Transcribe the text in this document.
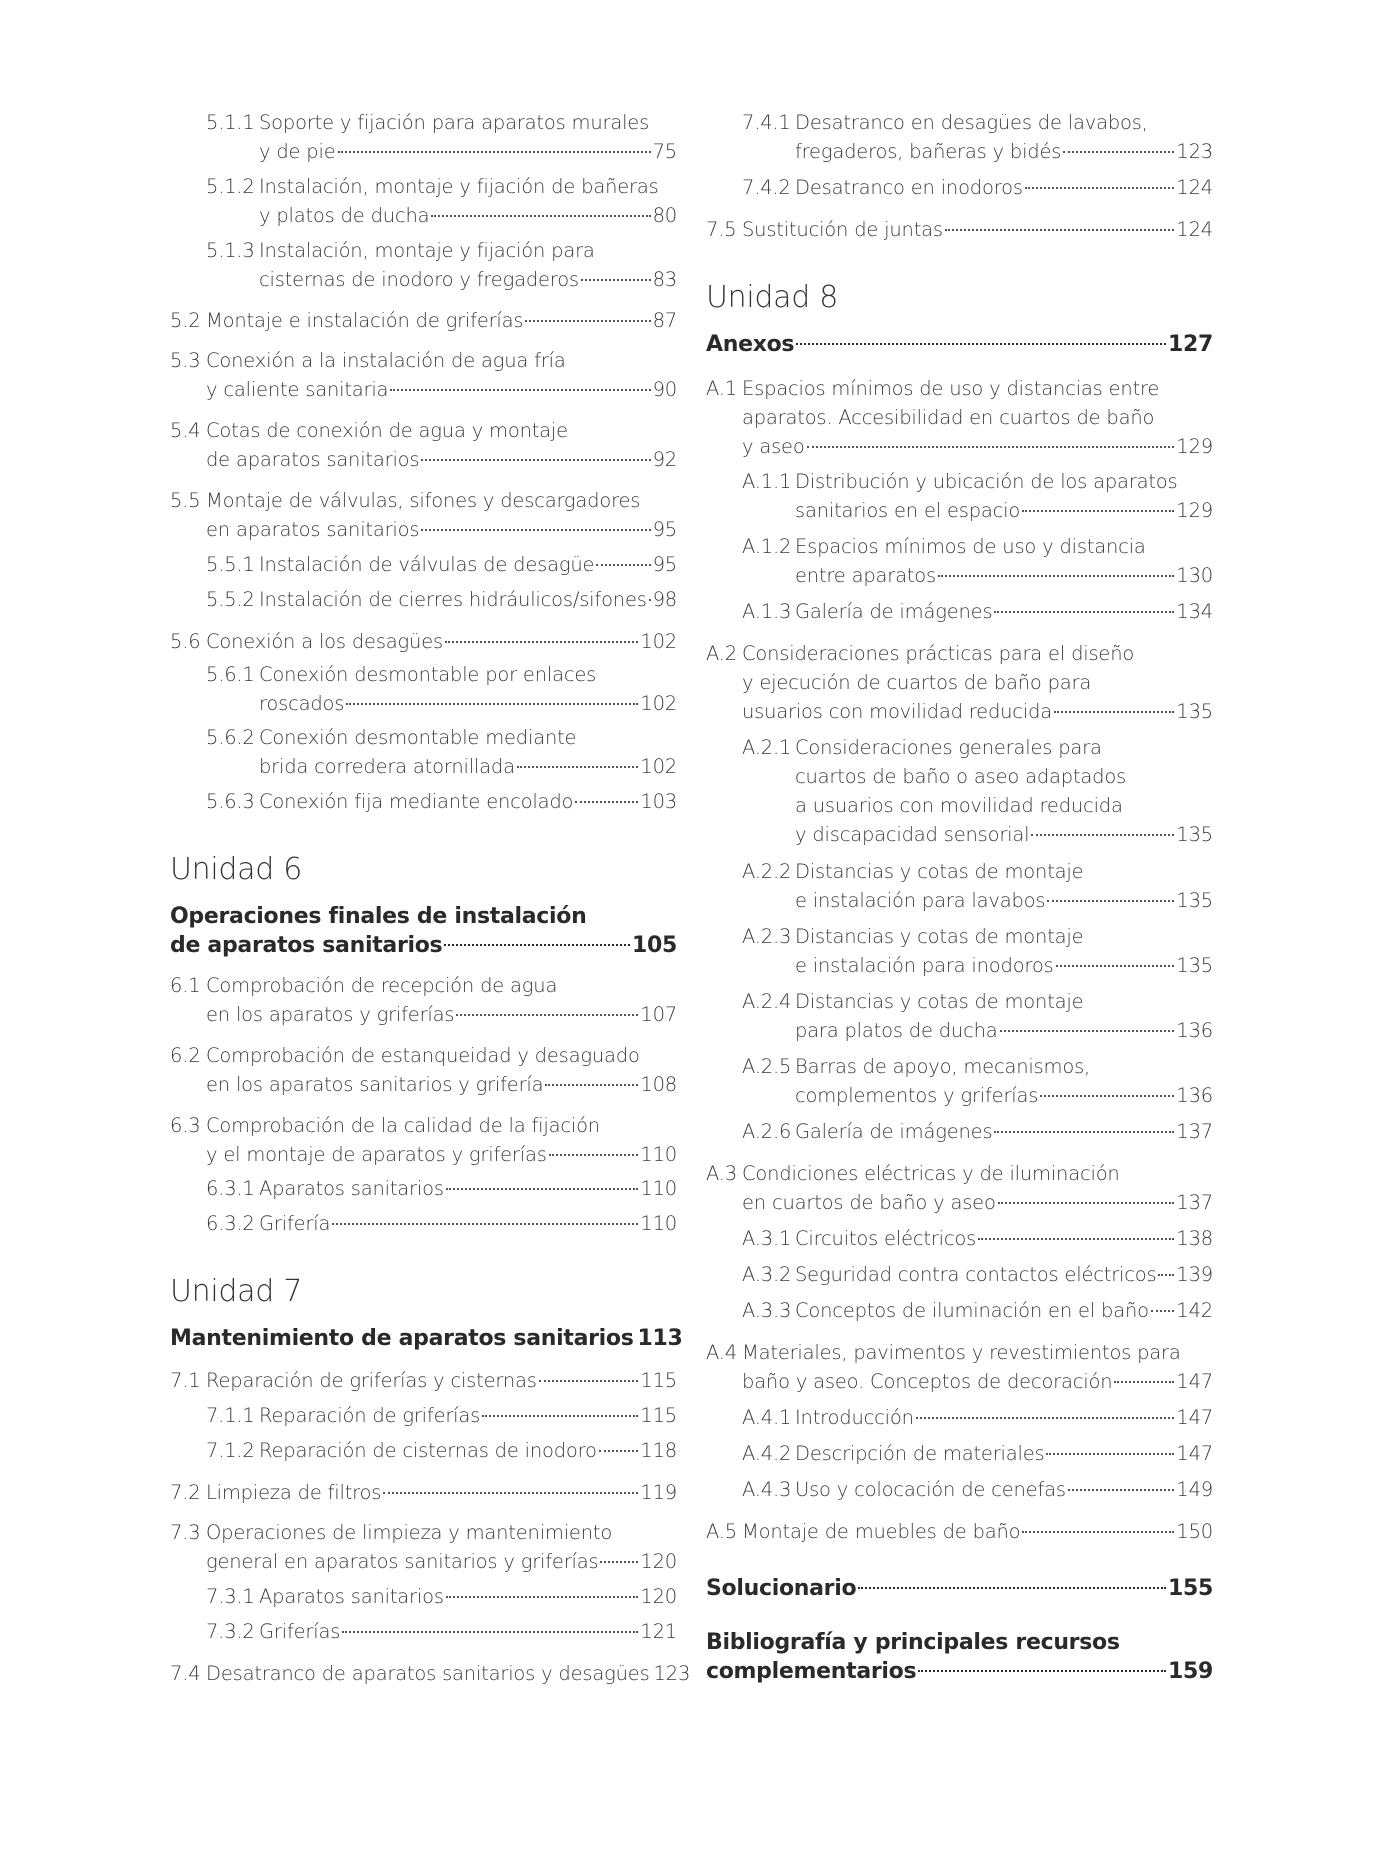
5.1.1 Soporte y fijación para aparatos murales
y de pie	75
5.1.2 Instalación, montaje y fijación de bañeras
y platos de ducha	80
5.1.3 Instalación, montaje y fijación para
cisternas de inodoro y fregaderos	83
5.2 Montaje e instalación de griferías	87
5.3 Conexión a la instalación de agua fría
y caliente sanitaria	90
5.4 Cotas de conexión de agua y montaje
de aparatos sanitarios	92
5.5 Montaje de válvulas, sifones y descargadores
en aparatos sanitarios	95
5.5.1 Instalación de válvulas de desagüe	95
5.5.2 Instalación de cierres hidráulicos/sifones 98
5.6 Conexión a los desagües	102
5.6.1 Conexión desmontable por enlaces
roscados	102
5.6.2 Conexión desmontable mediante
brida corredera atornillada	102
5.6.3 Conexión fija mediante encolado	103
Unidad 6
Operaciones finales de instalación
de aparatos sanitarios	105
6.1 Comprobación de recepción de agua
en los aparatos y griferías	107
6.2 Comprobación de estanqueidad y desaguado
en los aparatos sanitarios y grifería	108
6.3 Comprobación de la calidad de la fijación
y el montaje de aparatos y griferías	110
6.3.1 Aparatos sanitarios	110
6.3.2 Grifería	110
Unidad 7
Mantenimiento de aparatos sanitarios 113
7.1 Reparación de griferías y cisternas	115
7.1.1 Reparación de griferías	115
7.1.2 Reparación de cisternas de inodoro 118
7.2 Limpieza de filtros	119
7.3 Operaciones de limpieza y mantenimiento
general en aparatos sanitarios y griferías 120
7.3.1 Aparatos sanitarios	120
7.3.2 Griferías	121
7.4 Desatranco de aparatos sanitarios y desagües 123
7.4.1 Desatranco en desagües de lavabos,
fregaderos, bañeras y bidés	123
7.4.2 Desatranco en inodoros	124
7.5 Sustitución de juntas	124
Unidad 8
Anexos	127
A.1 Espacios mínimos de uso y distancias entre
aparatos. Accesibilidad en cuartos de baño
y aseo	129
A.1.1 Distribución y ubicación de los aparatos
sanitarios en el espacio	129
A.1.2 Espacios mínimos de uso y distancia
entre aparatos	130
A.1.3 Galería de imágenes	134
A.2 Consideraciones prácticas para el diseño
y ejecución de cuartos de baño para
usuarios con movilidad reducida	135
A.2.1 Consideraciones generales para
cuartos de baño o aseo adaptados
a usuarios con movilidad reducida
y discapacidad sensorial	135
A.2.2 Distancias y cotas de montaje
e instalación para lavabos	135
A.2.3 Distancias y cotas de montaje
e instalación para inodoros	135
A.2.4 Distancias y cotas de montaje
para platos de ducha	136
A.2.5 Barras de apoyo, mecanismos,
complementos y griferías	136
A.2.6 Galería de imágenes	137
A.3 Condiciones eléctricas y de iluminación
en cuartos de baño y aseo	137
A.3.1 Circuitos eléctricos	138
A.3.2 Seguridad contra contactos eléctricos 139
A.3.3 Conceptos de iluminación en el baño 142
A.4 Materiales, pavimentos y revestimientos para
baño y aseo. Conceptos de decoración	147
A.4.1 Introducción	147
A.4.2 Descripción de materiales	147
A.4.3 Uso y colocación de cenefas	149
A.5 Montaje de muebles de baño	150
Solucionario	155
Bibliografía y principales recursos
complementarios	159
